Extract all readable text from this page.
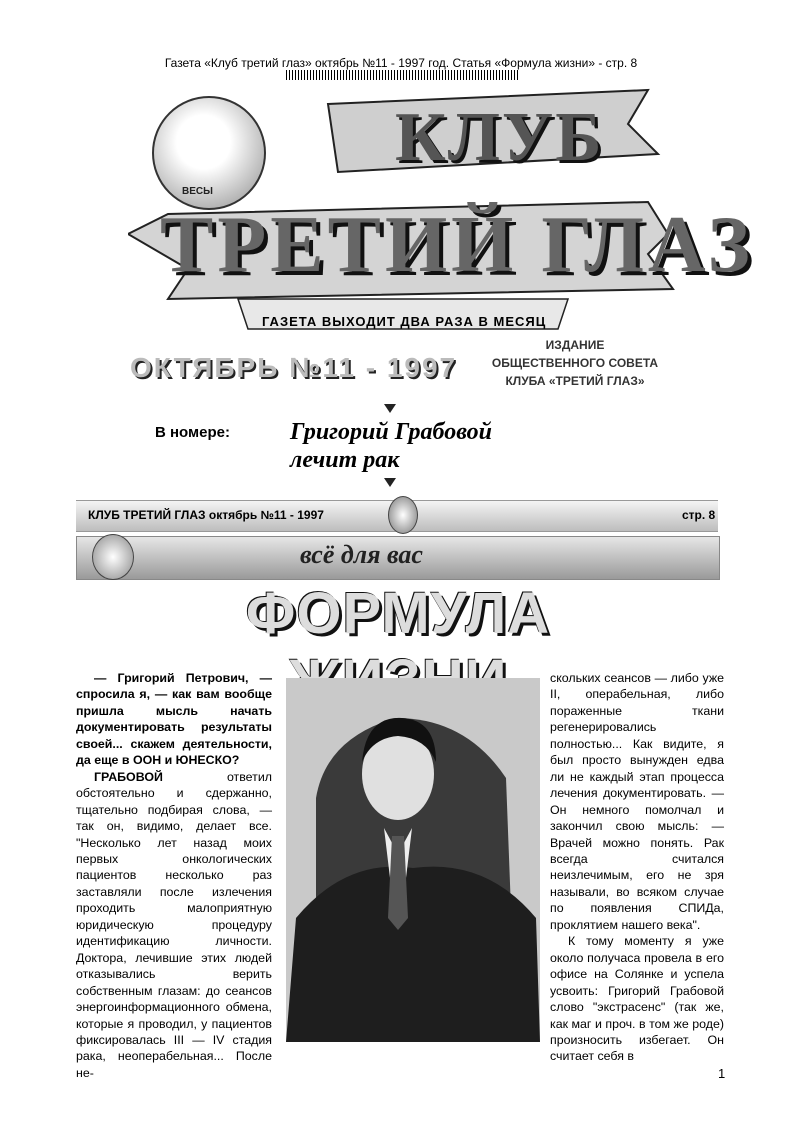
Газета «Клуб третий глаз» октябрь №11 - 1997 год. Статья «Формула жизни» - стр. 8
ВЕСЫ
КЛУБ
ТРЕТИЙ ГЛАЗ
ГАЗЕТА ВЫХОДИТ ДВА РАЗА В МЕСЯЦ
ОКТЯБРЬ №11 - 1997
ИЗДАНИЕ
ОБЩЕСТВЕННОГО СОВЕТА
КЛУБА «ТРЕТИЙ ГЛАЗ»
В номере:	Григорий Грабовой
лечит рак
КЛУБ ТРЕТИЙ ГЛАЗ октябрь №11 - 1997	стр. 8
всё для вас
ФОРМУЛА

— Григорий Петрович, — спросила я, — как вам вообще пришла мысль начать документировать результаты своей... скажем деятельности, да еще в ООН и ЮНЕСКО?

ГРАБОВОЙ ответил обстоятельно и сдержанно, тщательно подбирая слова, — так он, видимо, делает все. "Несколько лет назад моих первых онкологических пациентов несколько раз заставляли после излечения проходить малоприятную юридическую процедуру идентификацию личности. Доктора, лечившие этих людей отказывались верить собственным глазам: до сеансов энергоинформационного обмена, которые я проводил, у пациентов фиксировалась III — IV стадия рака, неоперабельная... После не-

скольких сеансов — либо уже II, операбельная, либо пораженные ткани регенерировались полностью... Как видите, я был просто вынужден едва ли не каждый этап процесса лечения документировать. — Он немного помолчал и закончил свою мысль: — Врачей можно понять. Рак всегда считался неизлечимым, его не зря называли, во всяком случае по появления СПИДа, проклятием нашего века".

К тому моменту я уже около получаса провела в его офисе на Солянке и успела усвоить: Григорий Грабовой слово "экстрасенс" (так же, как маг и проч. в том же роде) произносить избегает. Он считает себя в

1
